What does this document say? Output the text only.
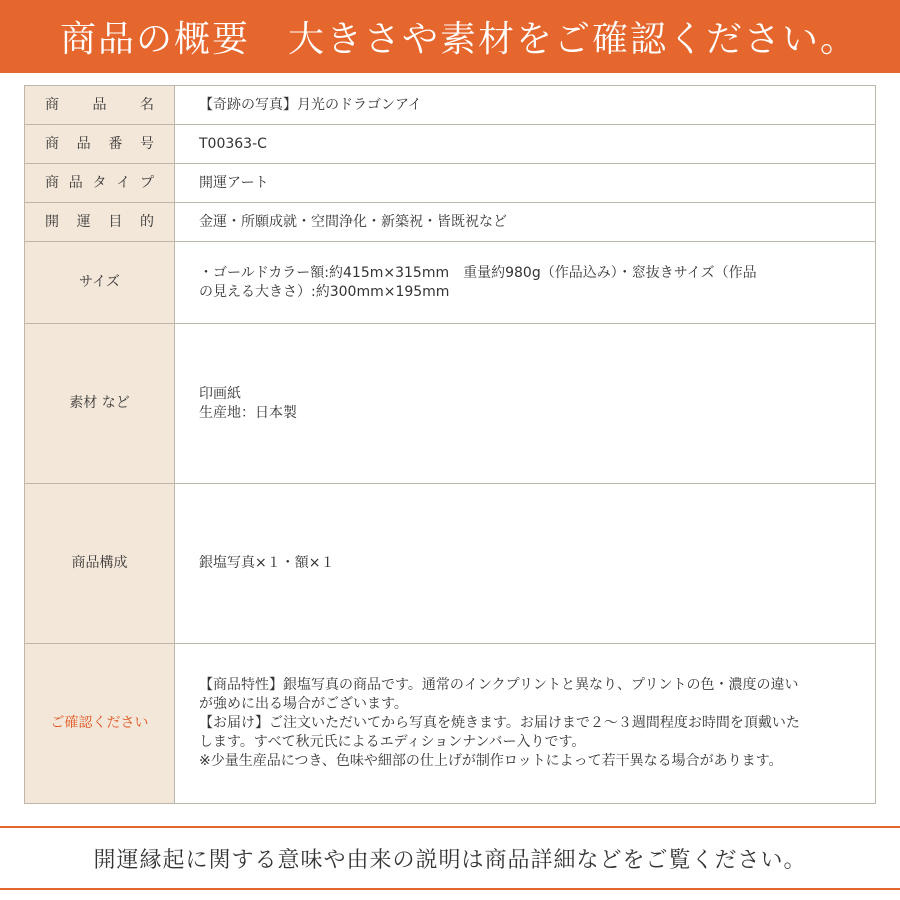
商品の概要　大きさや素材をご確認ください。
商 品 名	【奇跡の写真】月光のドラゴンアイ

商 品 番 号	T00363-C

商 品 タ イ プ	開運アート

開 運 目 的	金運・所願成就・空間浄化・新築祝・皆既祝など

サイズ	・ゴールドカラー額:約415m×315mm　重量約980g（作品込み）・窓抜きサイズ（作品
の見える大きさ）:約300mm×195mm

素材 など	印画紙
生産地：日本製

商品構成	銀塩写真×１・額×１

ご確認ください	【商品特性】銀塩写真の商品です。通常のインクプリントと異なり、プリントの色・濃度の違い
が強めに出る場合がございます。
【お届け】ご注文いただいてから写真を焼きます。お届けまで２～３週間程度お時間を頂戴いた
します。すべて秋元氏によるエディションナンバー入りです。
※少量生産品につき、色味や細部の仕上げが制作ロットによって若干異なる場合があります。
開運縁起に関する意味や由来の説明は商品詳細などをご覧ください。
